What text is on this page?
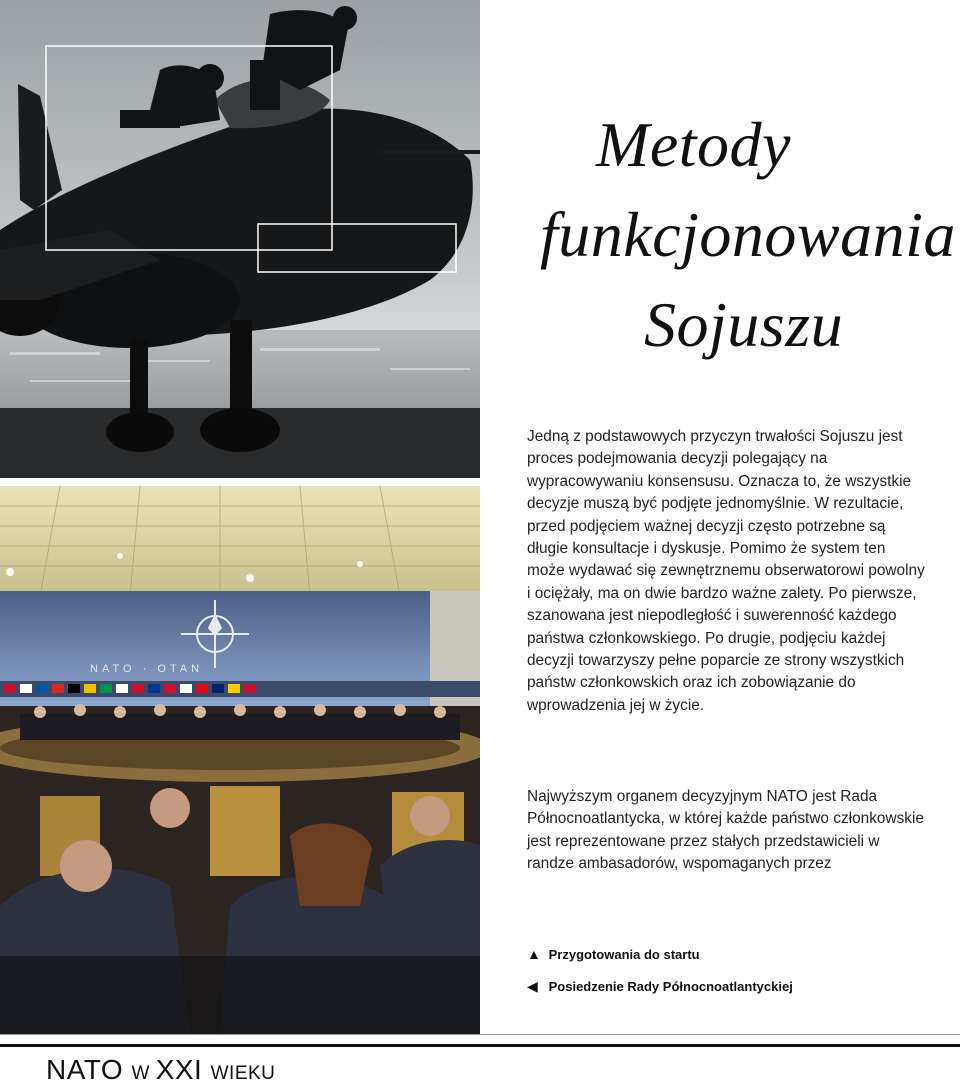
NATO · OTAN
Metody
funkcjonowania
Sojuszu
Jedną z podstawowych przyczyn trwałości Sojuszu jest proces podejmowania decyzji polegający na wypracowywaniu konsensusu. Oznacza to, że wszystkie decyzje muszą być podjęte jednomyślnie. W rezultacie, przed podjęciem ważnej decyzji często potrzebne są długie konsultacje i dyskusje. Pomimo że system ten może wydawać się zewnętrznemu obserwatorowi powolny i ociężały, ma on dwie bardzo ważne zalety. Po pierwsze, szanowana jest niepodległość i suwerenność każdego państwa członkowskiego. Po drugie, podjęciu każdej decyzji towarzyszy pełne poparcie ze strony wszystkich państw członkowskich oraz ich zobowiązanie do wprowadzenia jej w życie.
Najwyższym organem decyzyjnym NATO jest Rada Północnoatlantycka, w której każde państwo członkowskie jest reprezentowane przez stałych przedstawicieli w randze ambasadorów, wspomaganych przez
▲ Przygotowania do startu
◀ Posiedzenie Rady Północnoatlantyckiej
NATO W XXI WIEKU
